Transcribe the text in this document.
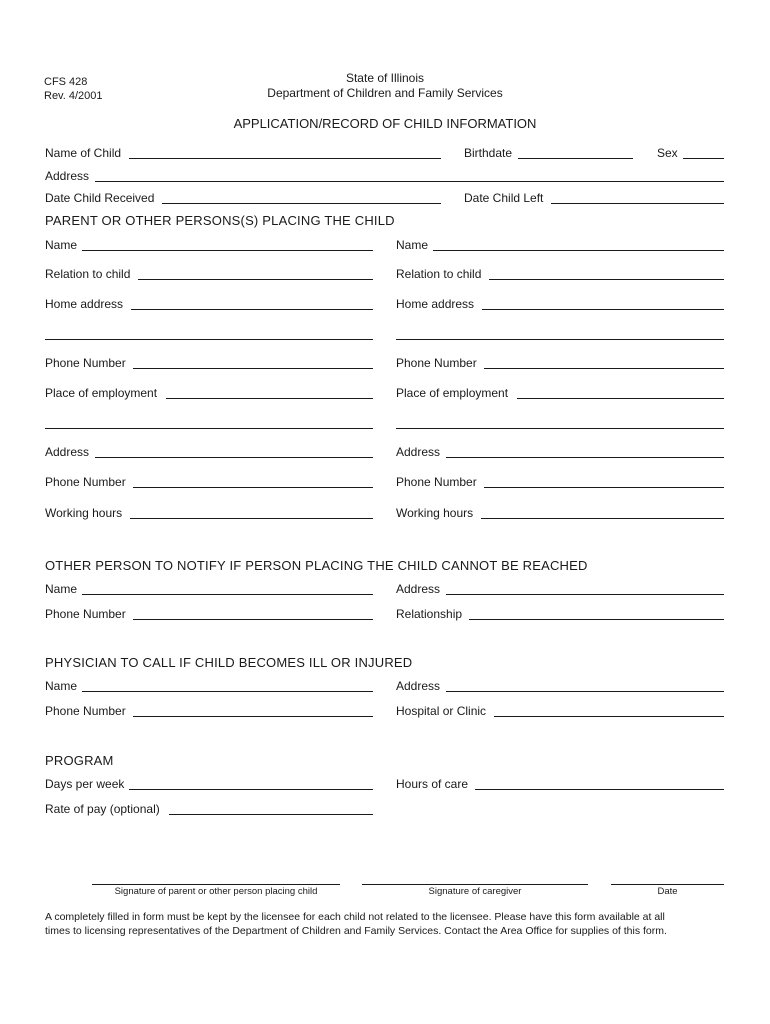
CFS 428
Rev. 4/2001
State of Illinois
Department of Children and Family Services
APPLICATION/RECORD OF CHILD INFORMATION
Name of Child	Birthdate	Sex
Address
Date Child Received	Date Child Left
PARENT OR OTHER PERSONS(S) PLACING THE CHILD
Name
Relation to child
Home address
Phone Number
Place of employment
Address
Phone Number
Working hours
Name
Relation to child
Home address
Phone Number
Place of employment
Address
Phone Number
Working hours
OTHER PERSON TO NOTIFY IF PERSON PLACING THE CHILD CANNOT BE REACHED
Name	Address
Phone Number	Relationship
PHYSICIAN TO CALL IF CHILD BECOMES ILL OR INJURED
Name	Address
Phone Number	Hospital or Clinic
PROGRAM
Days per week	Hours of care
Rate of pay (optional)
Signature of parent or other person placing child	Signature of caregiver	Date
A completely filled in form must be kept by the licensee for each child not related to the licensee. Please have this form available at all
times to licensing representatives of the Department of Children and Family Services. Contact the Area Office for supplies of this form.
